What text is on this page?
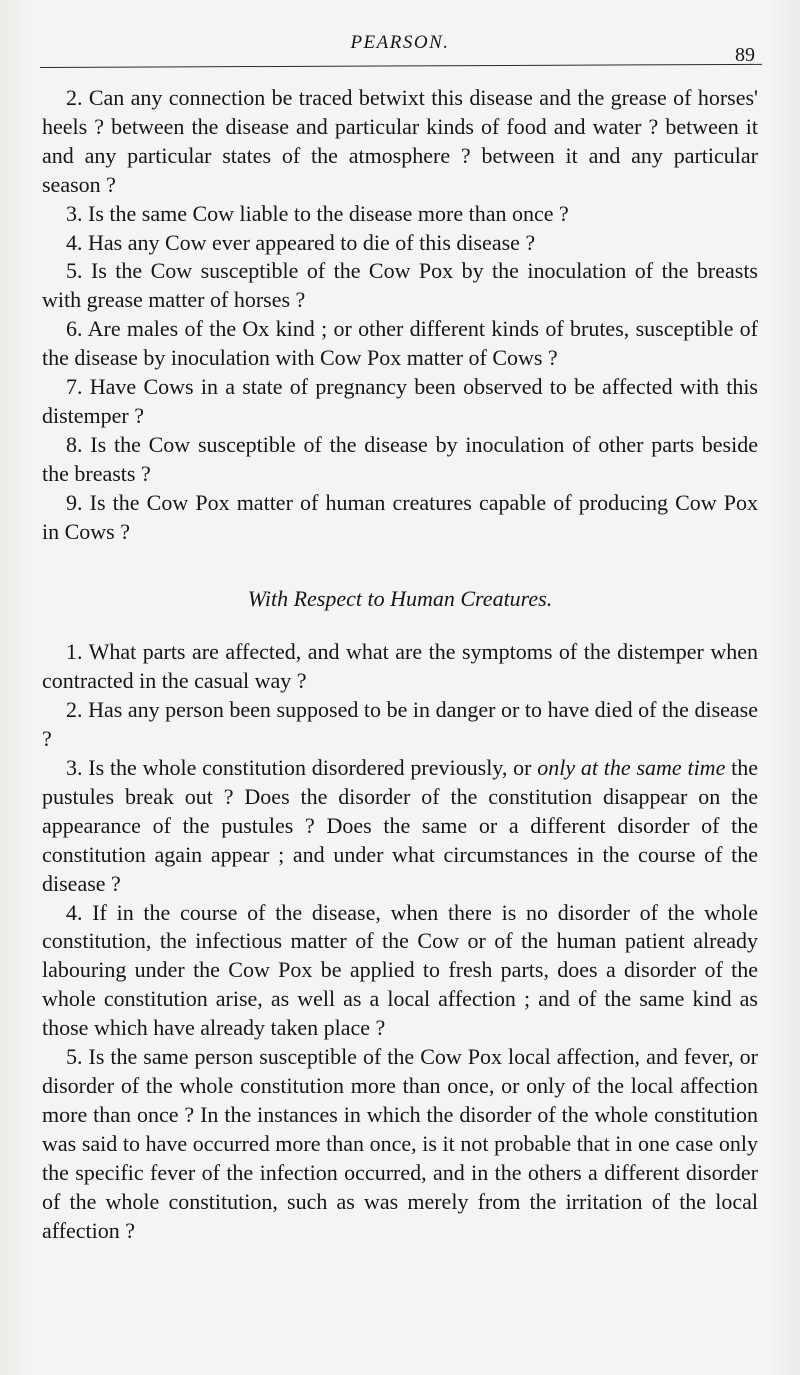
PEARSON.
89

2. Can any connection be traced betwixt this disease and the grease of horses' heels ? between the disease and particular kinds of food and water ? between it and any particular states of the atmosphere ? between it and any particular season ?

3. Is the same Cow liable to the disease more than once ?

4. Has any Cow ever appeared to die of this disease ?

5. Is the Cow susceptible of the Cow Pox by the inoculation of the breasts with grease matter of horses ?

6. Are males of the Ox kind ; or other different kinds of brutes, susceptible of the disease by inoculation with Cow Pox matter of Cows ?

7. Have Cows in a state of pregnancy been observed to be affected with this distemper ?

8. Is the Cow susceptible of the disease by inoculation of other parts beside the breasts ?

9. Is the Cow Pox matter of human creatures capable of producing Cow Pox in Cows ?

With Respect to Human Creatures.

1. What parts are affected, and what are the symptoms of the distemper when contracted in the casual way ?

2. Has any person been supposed to be in danger or to have died of the disease ?

3. Is the whole constitution disordered previously, or only at the same time the pustules break out ? Does the disorder of the constitution disappear on the appearance of the pustules ? Does the same or a different disorder of the constitution again appear ; and under what circumstances in the course of the disease ?

4. If in the course of the disease, when there is no disorder of the whole constitution, the infectious matter of the Cow or of the human patient already labouring under the Cow Pox be applied to fresh parts, does a disorder of the whole constitution arise, as well as a local affection ; and of the same kind as those which have already taken place ?

5. Is the same person susceptible of the Cow Pox local affection, and fever, or disorder of the whole constitution more than once, or only of the local affection more than once ? In the instances in which the disorder of the whole constitution was said to have occurred more than once, is it not probable that in one case only the specific fever of the infection occurred, and in the others a different disorder of the whole constitution, such as was merely from the irritation of the local affection ?
